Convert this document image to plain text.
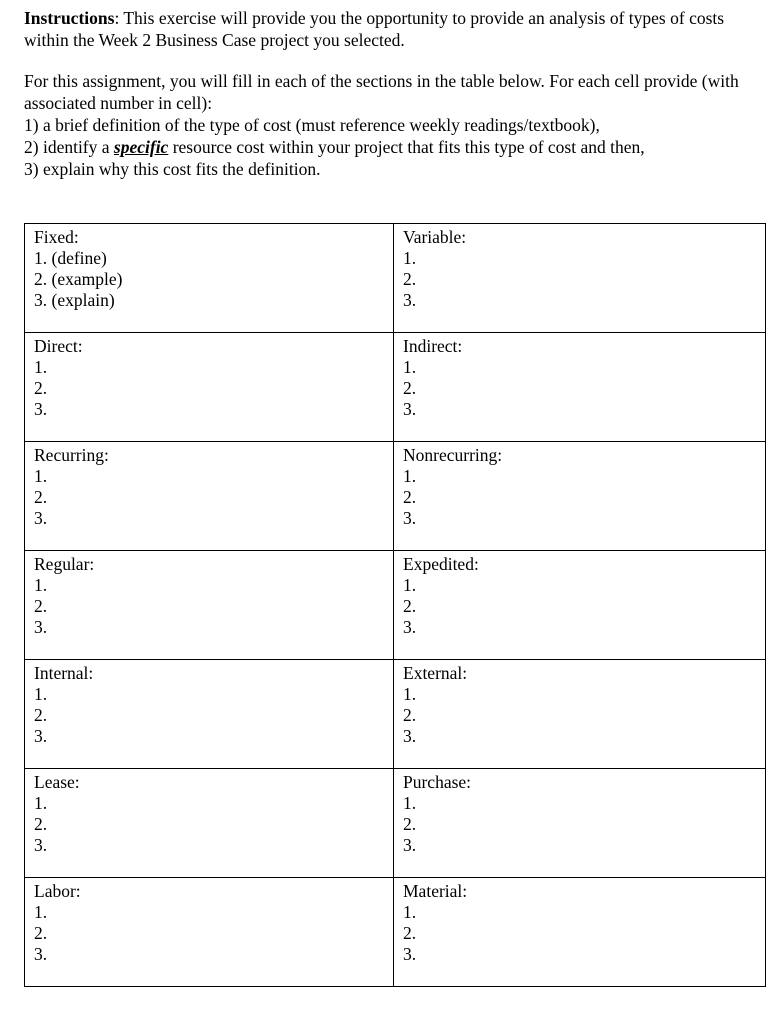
Instructions: This exercise will provide you the opportunity to provide an analysis of types of costs within the Week 2 Business Case project you selected.

For this assignment, you will fill in each of the sections in the table below. For each cell provide (with associated number in cell):

1) a brief definition of the type of cost (must reference weekly readings/textbook),

2) identify a specific resource cost within your project that fits this type of cost and then,

3) explain why this cost fits the definition.

Fixed:
1. (define)
2. (example)
3. (explain)	Variable:
1.
2.
3.

Direct:
1.
2.
3.	Indirect:
1.
2.
3.

Recurring:
1.
2.
3.	Nonrecurring:
1.
2.
3.

Regular:
1.
2.
3.	Expedited:
1.
2.
3.

Internal:
1.
2.
3.	External:
1.
2.
3.

Lease:
1.
2.
3.	Purchase:
1.
2.
3.

Labor:
1.
2.
3.	Material:
1.
2.
3.
